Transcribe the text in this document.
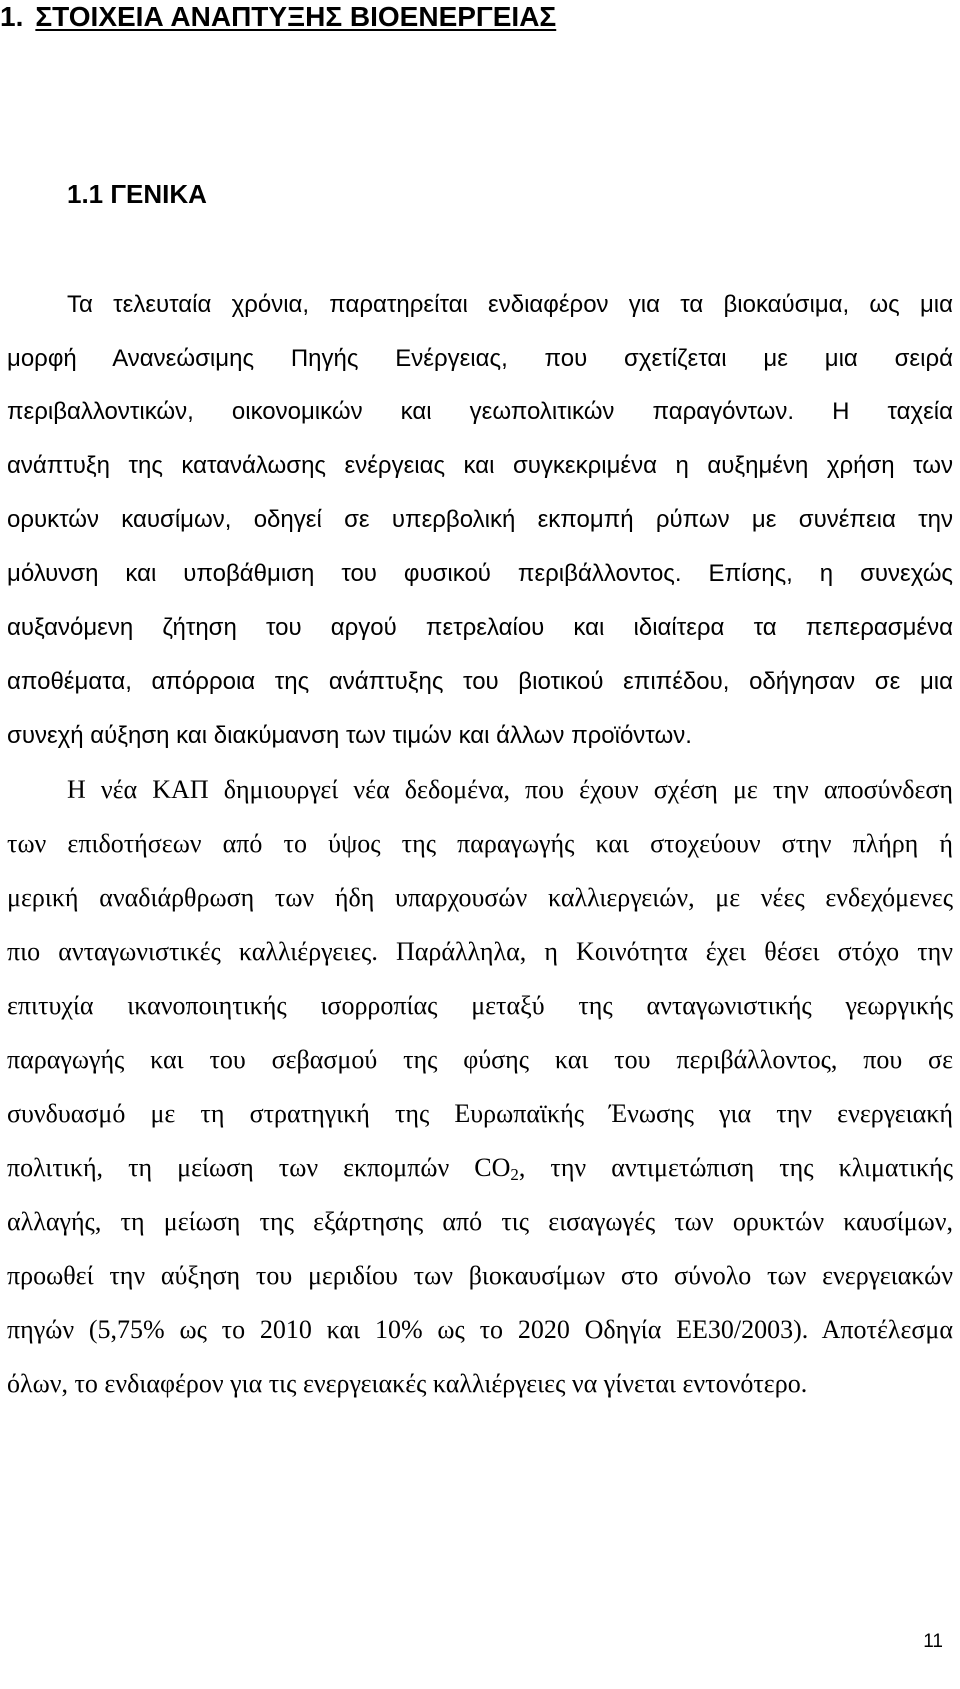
1. ΣΤΟΙΧΕΙΑ ΑΝΑΠΤΥΞΗΣ ΒΙΟΕΝΕΡΓΕΙΑΣ
1.1 ΓΕΝΙΚΑ
Τα τελευταία χρόνια, παρατηρείται ενδιαφέρον για τα βιοκαύσιμα, ως μια
μορφή Ανανεώσιμης Πηγής Ενέργειας, που σχετίζεται με μια σειρά
περιβαλλοντικών, οικονομικών και γεωπολιτικών παραγόντων. Η ταχεία
ανάπτυξη της κατανάλωσης ενέργειας και συγκεκριμένα η αυξημένη χρήση των
ορυκτών καυσίμων, οδηγεί σε υπερβολική εκπομπή ρύπων με συνέπεια την
μόλυνση και υποβάθμιση του φυσικού περιβάλλοντος. Επίσης, η συνεχώς
αυξανόμενη ζήτηση του αργού πετρελαίου και ιδιαίτερα τα πεπερασμένα
αποθέματα, απόρροια της ανάπτυξης του βιοτικού επιπέδου, οδήγησαν σε μια
συνεχή αύξηση και διακύμανση των τιμών και άλλων προϊόντων.
Η νέα ΚΑΠ δημιουργεί νέα δεδομένα, που έχουν σχέση με την αποσύνδεση
των επιδοτήσεων από το ύψος της παραγωγής και στοχεύουν στην πλήρη ή
μερική αναδιάρθρωση των ήδη υπαρχουσών καλλιεργειών, με νέες ενδεχόμενες
πιο ανταγωνιστικές καλλιέργειες. Παράλληλα, η Κοινότητα έχει θέσει στόχο την
επιτυχία ικανοποιητικής ισορροπίας μεταξύ της ανταγωνιστικής γεωργικής
παραγωγής και του σεβασμού της φύσης και του περιβάλλοντος, που σε
συνδυασμό με τη στρατηγική της Ευρωπαϊκής Ένωσης για την ενεργειακή
πολιτική, τη μείωση των εκπομπών $CO_2$, την αντιμετώπιση της κλιματικής
αλλαγής, τη μείωση της εξάρτησης από τις εισαγωγές των ορυκτών καυσίμων,
προωθεί την αύξηση του μεριδίου των βιοκαυσίμων στο σύνολο των ενεργειακών
πηγών (5,75% ως το 2010 και 10% ως το 2020 Οδηγία ΕΕ30/2003). Αποτέλεσμα
όλων, το ενδιαφέρον για τις ενεργειακές καλλιέργειες να γίνεται εντονότερο.
11
